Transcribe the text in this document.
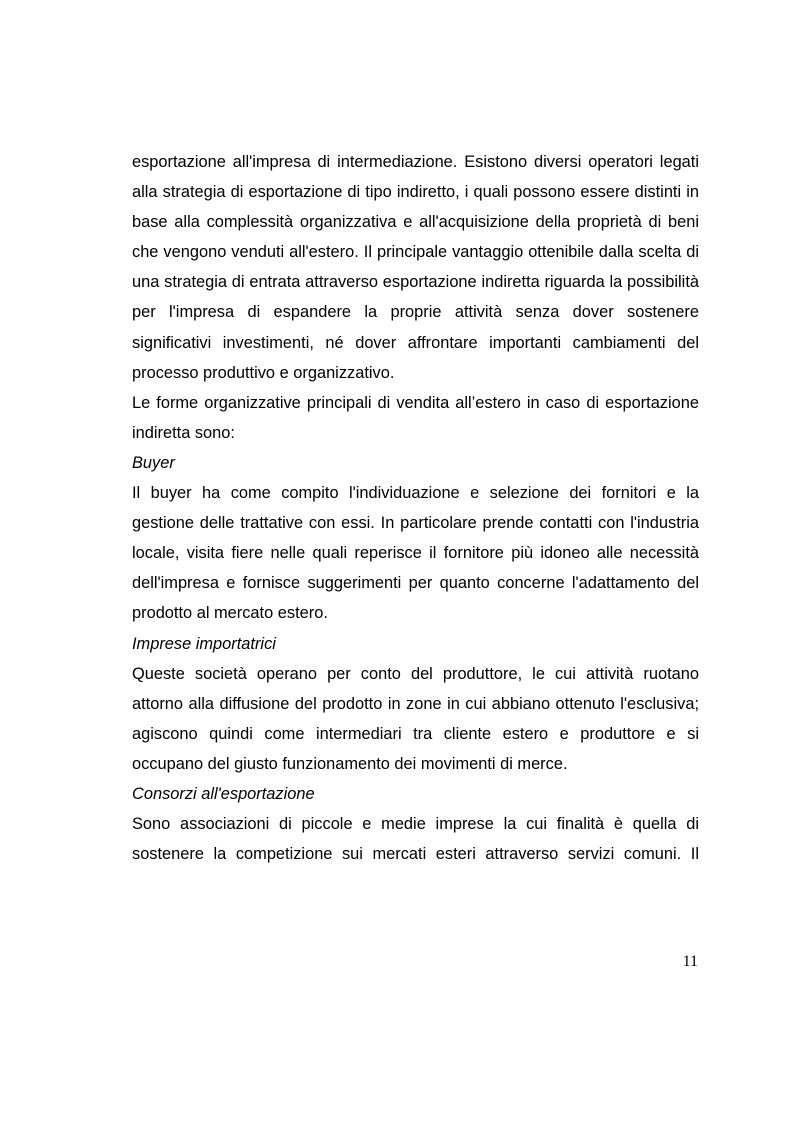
esportazione all'impresa di intermediazione. Esistono diversi operatori legati alla strategia di esportazione di tipo indiretto, i quali possono essere distinti in base alla complessità organizzativa e all'acquisizione della proprietà di beni che vengono venduti all'estero. Il principale vantaggio ottenibile dalla scelta di una strategia di entrata attraverso esportazione indiretta riguarda la possibilità per l'impresa di espandere la proprie attività senza dover sostenere significativi investimenti, né dover affrontare importanti cambiamenti del processo produttivo e organizzativo.

Le forme organizzative principali di vendita all’estero in caso di esportazione indiretta sono:

Buyer

Il buyer ha come compito l'individuazione e selezione dei fornitori e la gestione delle trattative con essi. In particolare prende contatti con l'industria locale, visita fiere nelle quali reperisce il fornitore più idoneo alle necessità dell'impresa e fornisce suggerimenti per quanto concerne l'adattamento del prodotto al mercato estero.

Imprese importatrici

Queste società operano per conto del produttore, le cui attività ruotano attorno alla diffusione del prodotto in zone in cui abbiano ottenuto l'esclusiva; agiscono quindi come intermediari tra cliente estero e produttore e si occupano del giusto funzionamento dei movimenti di merce.

Consorzi all'esportazione

Sono associazioni di piccole e medie imprese la cui finalità è quella di sostenere la competizione sui mercati esteri attraverso servizi comuni. Il

11
